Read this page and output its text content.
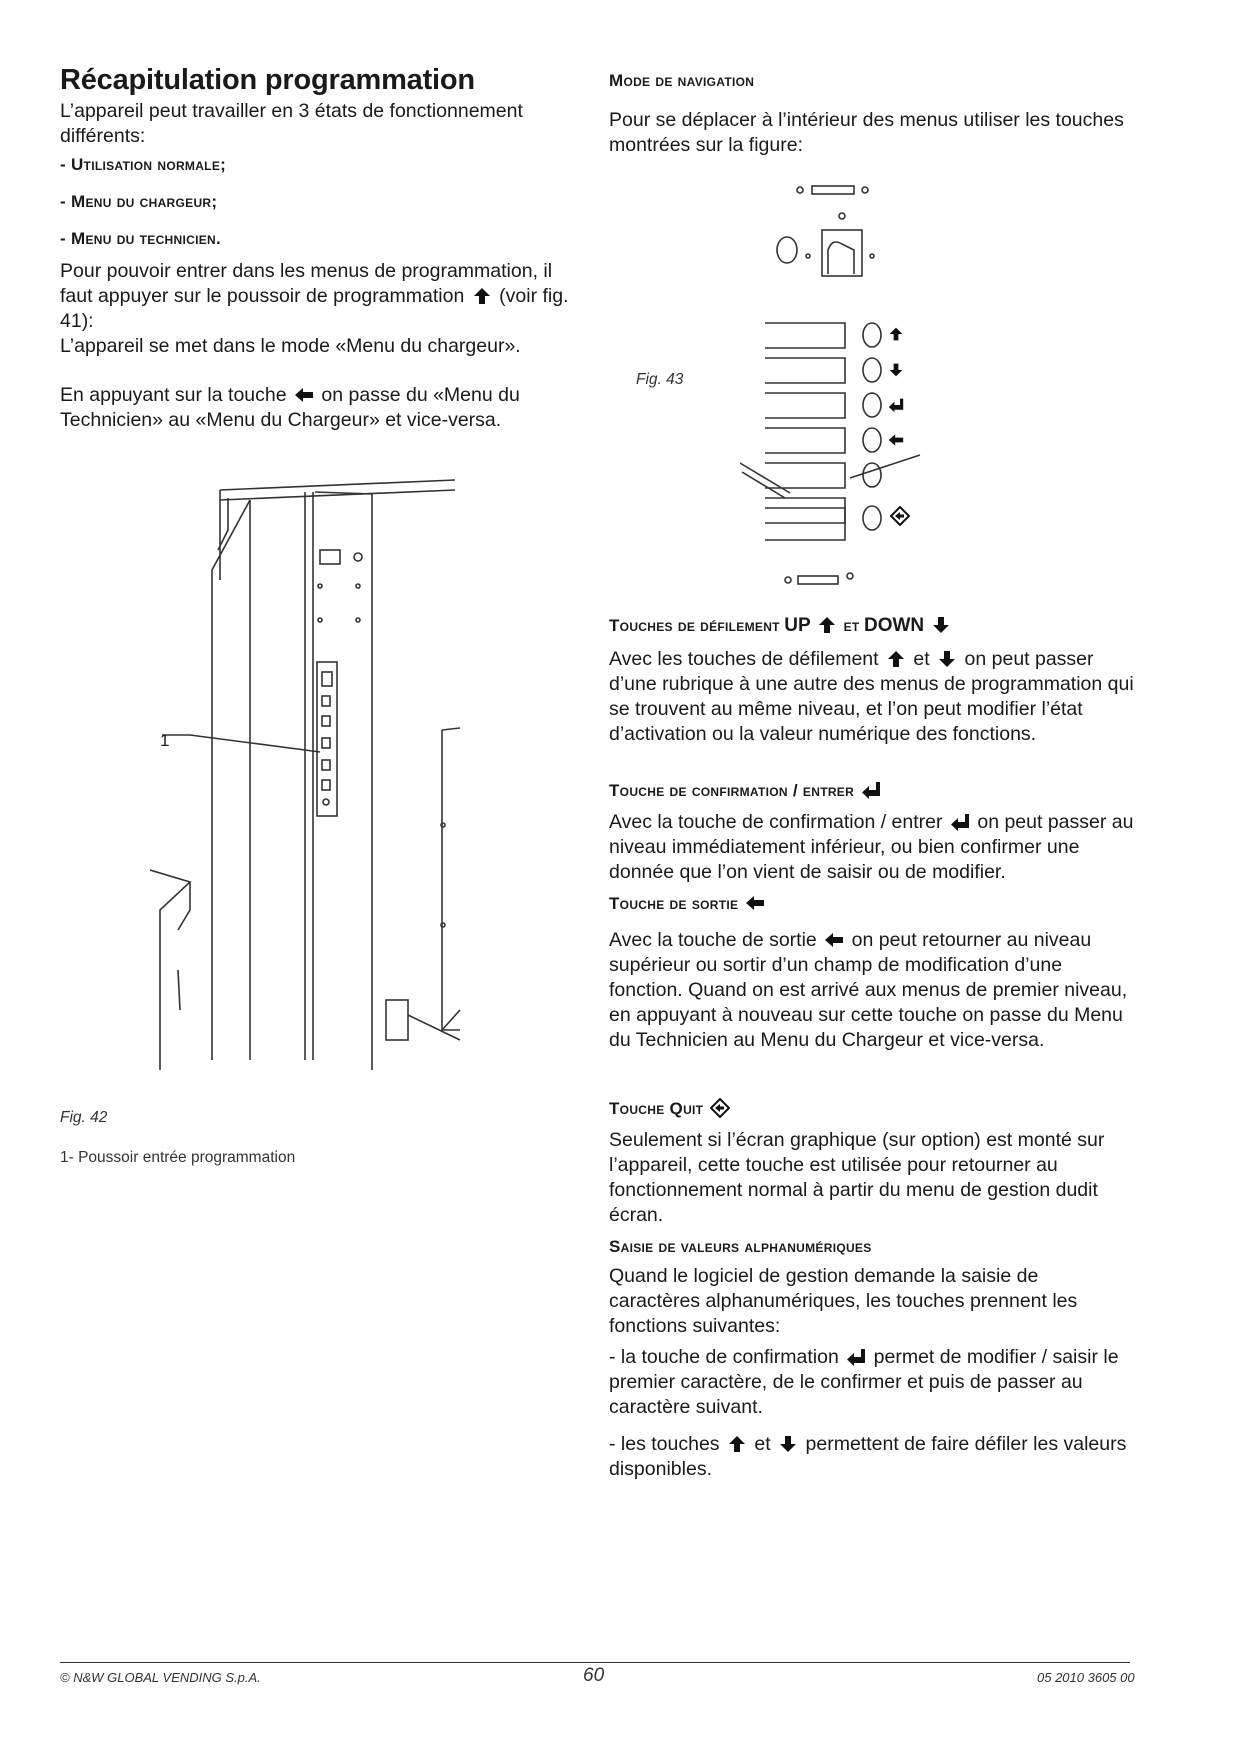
Récapitulation programmation

L’appareil peut travailler en 3 états de fonctionnement différents:

- Utilisation normale;
- Menu du chargeur;
- Menu du technicien.

Pour pouvoir entrer dans les menus de programmation, il faut appuyer sur le poussoir de programmation (voir fig. 41):
L’appareil se met dans le mode «Menu du chargeur».

En appuyant sur la touche on passe du «Menu du Technicien» au «Menu du Chargeur» et vice-versa.

1
Fig. 42
1- Poussoir entrée programmation
Mode de navigation

Pour se déplacer à l’intérieur des menus utiliser les touches montrées sur la figure:

Fig. 43
Touches de défilement UP et DOWN

Avec les touches de défilement et on peut passer d’une rubrique à une autre des menus de programmation qui se trouvent au même niveau, et l’on peut modifier l’état d’activation ou la valeur numérique des fonctions.

Touche de confirmation / entrer

Avec la touche de confirmation / entrer on peut passer au niveau immédiatement inférieur, ou bien confirmer une donnée que l’on vient de saisir ou de modifier.

Touche de sortie

Avec la touche de sortie on peut retourner au niveau supérieur ou sortir d’un champ de modification d’une fonction. Quand on est arrivé aux menus de premier niveau, en appuyant à nouveau sur cette touche on passe du Menu du Technicien au Menu du Chargeur et vice-versa.

Touche Quit

Seulement si l’écran graphique (sur option) est monté sur l’appareil, cette touche est utilisée pour retourner au fonctionnement normal à partir du menu de gestion dudit écran.

Saisie de valeurs alphanumériques

Quand le logiciel de gestion demande la saisie de caractères alphanumériques, les touches prennent les fonctions suivantes:

- la touche de confirmation permet de modifier / saisir le premier caractère, de le confirmer et puis de passer au caractère suivant.

- les touches et permettent de faire défiler les valeurs disponibles.

© N&W GLOBAL VENDING S.p.A.	60	05 2010 3605 00
